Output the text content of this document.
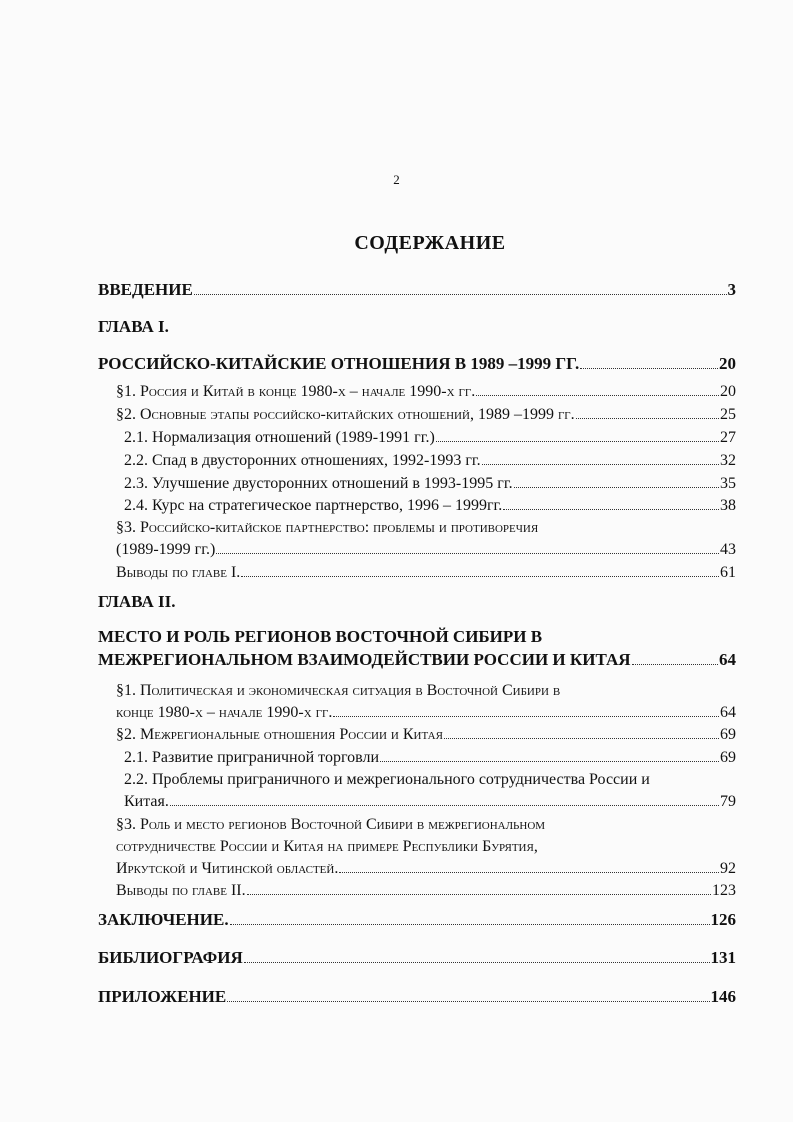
2
СОДЕРЖАНИЕ
ВВЕДЕНИЕ	3
ГЛАВА I.
РОССИЙСКО-КИТАЙСКИЕ ОТНОШЕНИЯ В 1989 –1999 ГГ.	20
§1. Россия и Китай в конце 1980-х – начале 1990-х гг.	20
§2. Основные этапы российско-китайских отношений, 1989 –1999 гг.	25
2.1. Нормализация отношений (1989-1991 гг.)	27
2.2. Спад в двусторонних отношениях, 1992-1993 гг.	32
2.3. Улучшение двусторонних отношений в 1993-1995 гг.	35
2.4. Курс на стратегическое партнерство, 1996 – 1999гг.	38
§3. Российско-китайское партнерство: проблемы и противоречия
(1989-1999 гг.)	43
Выводы по главе I.	61
ГЛАВА II.
МЕСТО И РОЛЬ РЕГИОНОВ ВОСТОЧНОЙ СИБИРИ В
МЕЖРЕГИОНАЛЬНОМ ВЗАИМОДЕЙСТВИИ РОССИИ И КИТАЯ	64
§1. Политическая и экономическая ситуация в Восточной Сибири в
конце 1980-х – начале 1990-х гг.	64
§2. Межрегиональные отношения России и Китая	69
2.1. Развитие приграничной торговли	69
2.2. Проблемы приграничного и межрегионального сотрудничества России и
Китая.	79
§3. Роль и место регионов Восточной Сибири в межрегиональном
сотрудничестве России и Китая на примере Республики Бурятия,
Иркутской и Читинской областей.	92
Выводы по главе II.	123
ЗАКЛЮЧЕНИЕ.	126
БИБЛИОГРАФИЯ	131
ПРИЛОЖЕНИЕ	146
